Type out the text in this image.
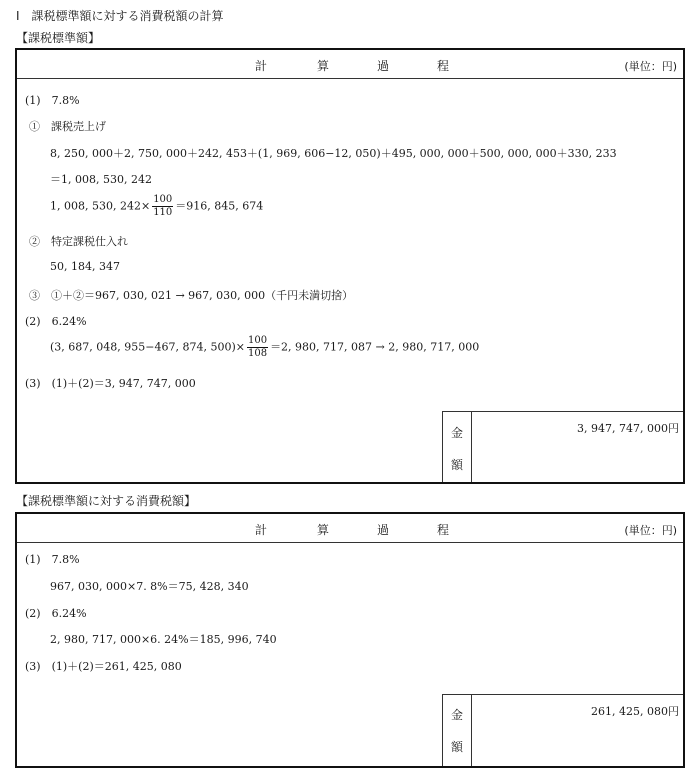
Ⅰ　課税標準額に対する消費税額の計算
【課税標準額】
計	算	過	程	(単位：円)
(1)　7.8%
①　課税売上げ
8, 250, 000＋2, 750, 000＋242, 453＋(1, 969, 606−12, 050)＋495, 000, 000＋500, 000, 000＋330, 233
＝1, 008, 530, 242
1, 008, 530, $242\times \frac{100}{110} =916$, 845, 674
②　特定課税仕入れ
50, 184, 347
③　①＋②＝967, 030, 021 → 967, 030, 000（千円未満切捨）
(2)　6.24%
(3, 687, 048, 955−467, 874, $500)\times \frac{100}{108} =2$, 980, 717, 087 → 2, 980, 717, 000
(3)　(1)＋(2)＝3, 947, 747, 000
金
額
3, 947, 747, 000円
【課税標準額に対する消費税額】
計	算	過	程	(単位：円)
(1)　7.8%
967, 030, 000×7. 8%＝75, 428, 340
(2)　6.24%
2, 980, 717, 000×6. 24%＝185, 996, 740
(3)　(1)＋(2)＝261, 425, 080
金
額
261, 425, 080円
